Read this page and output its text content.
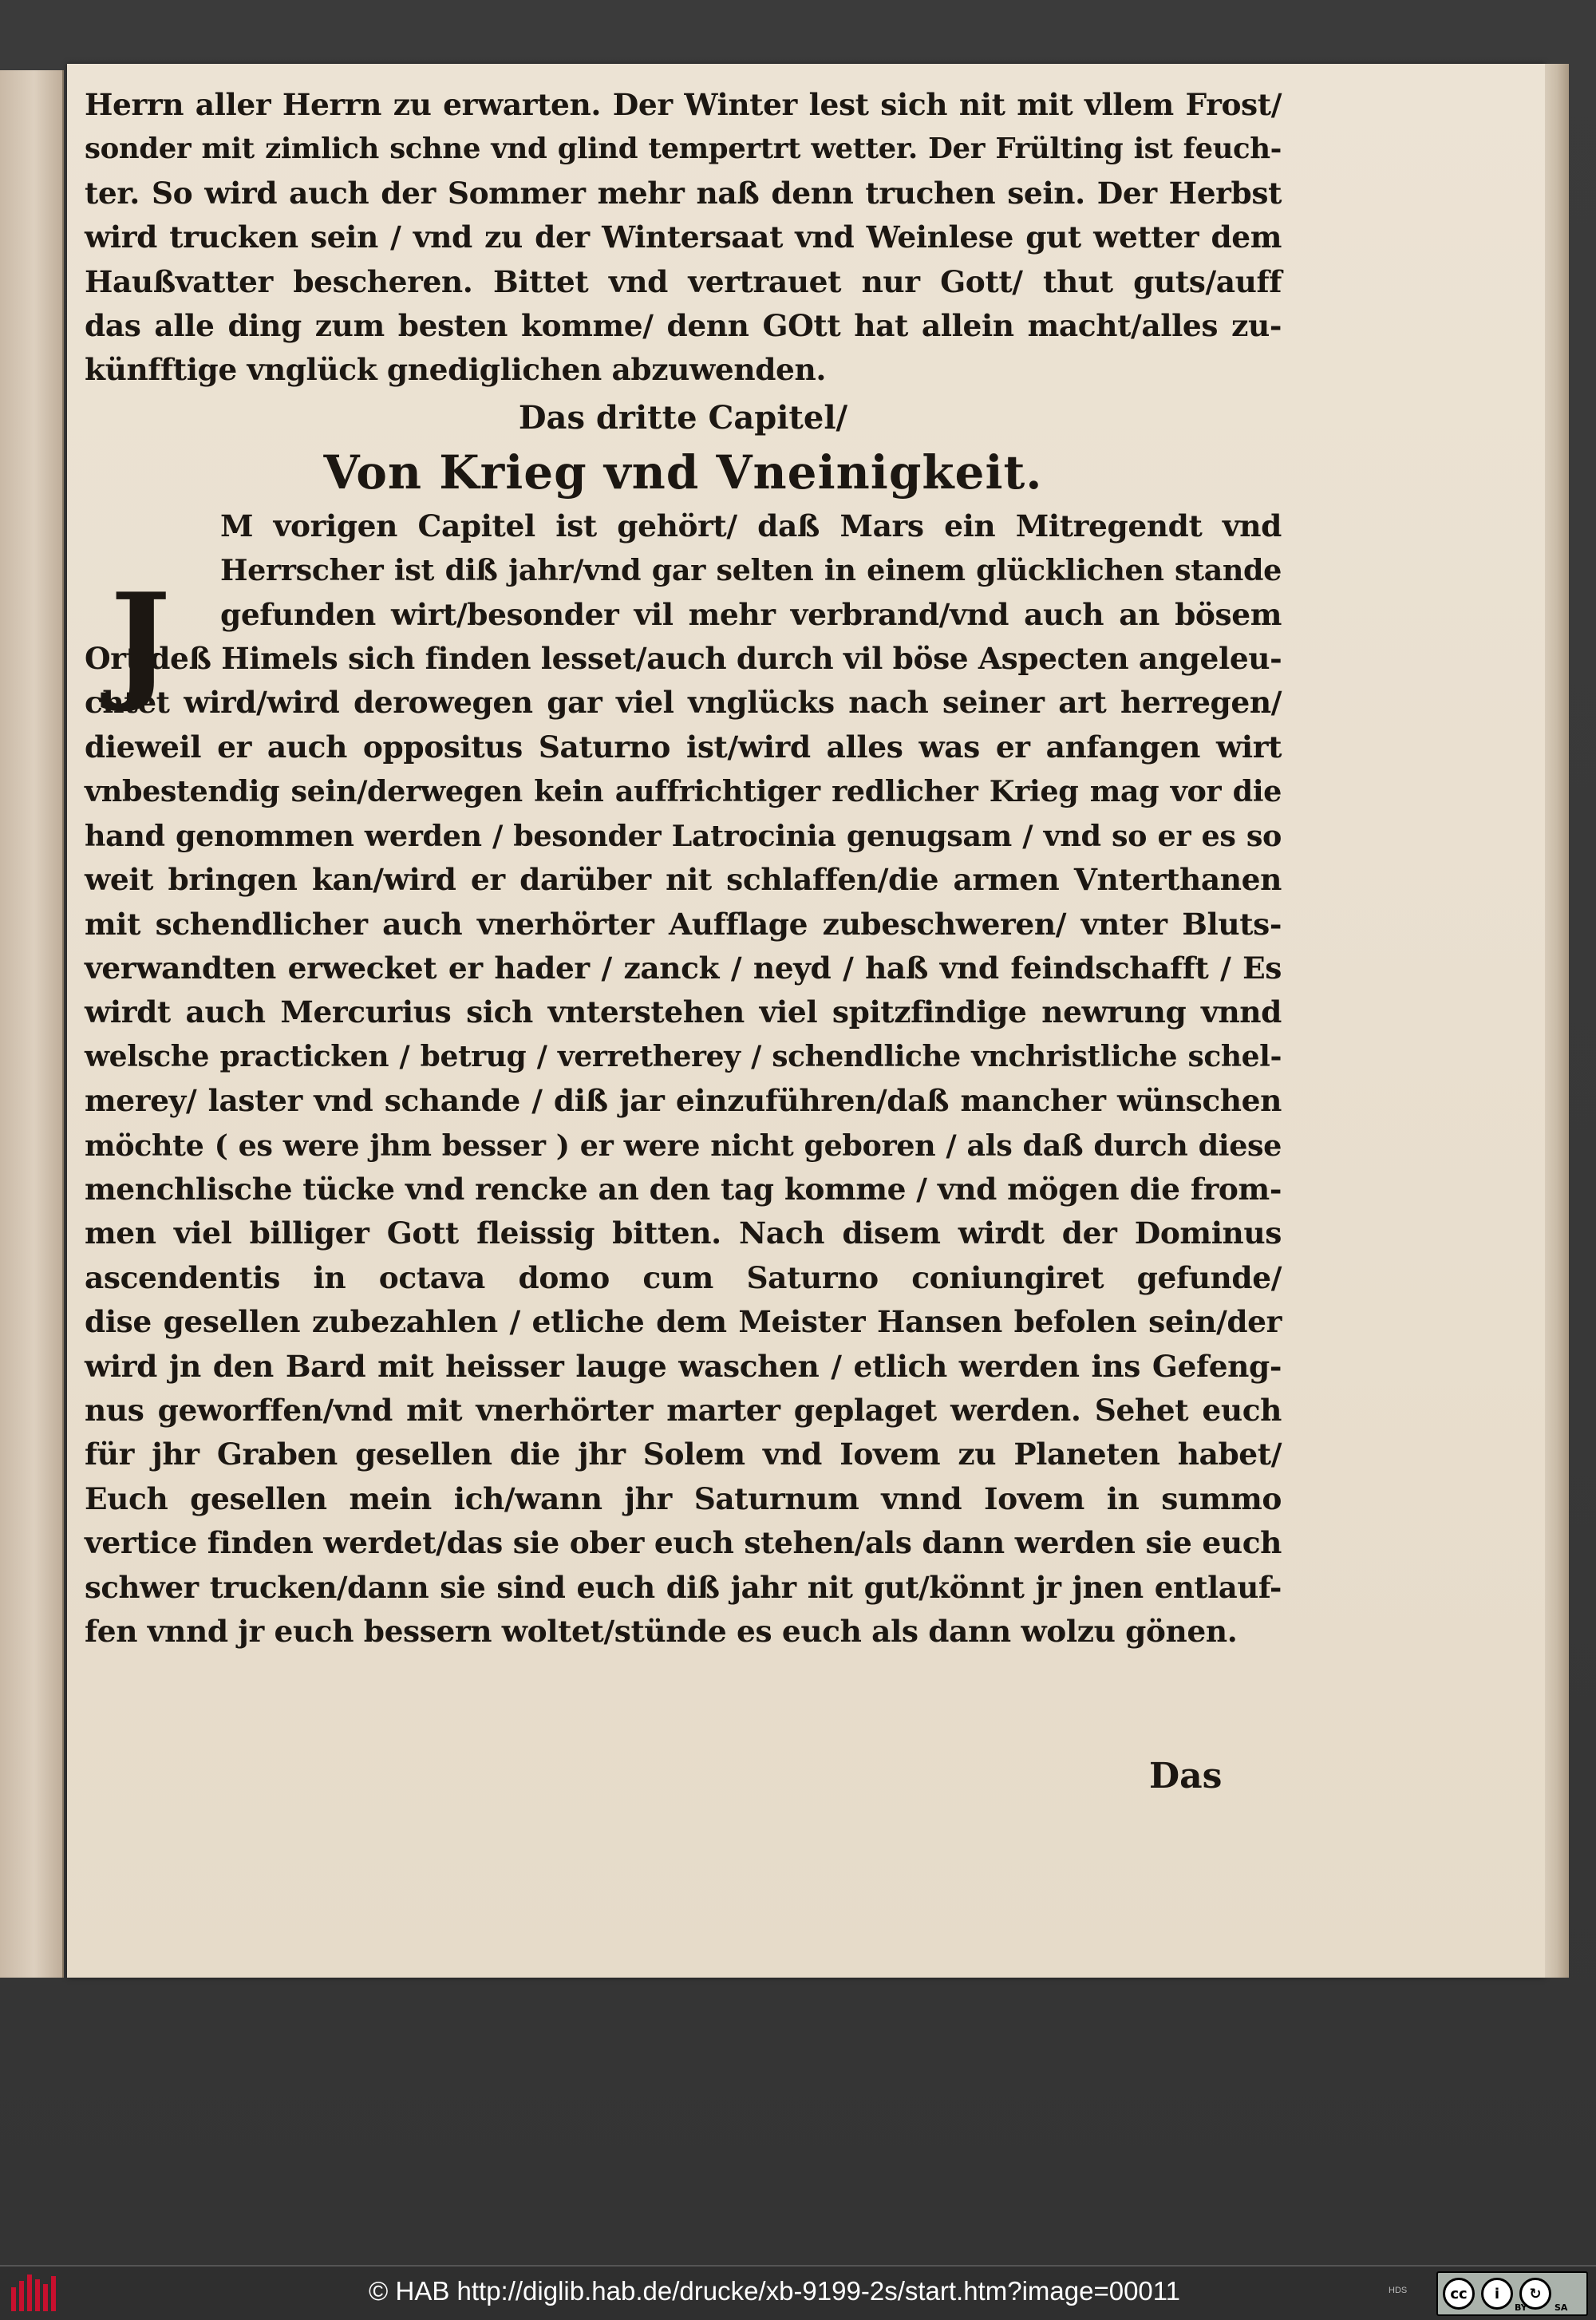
Herrn aller Herrn zu erwarten. Der Winter lest sich nit mit vllem Frost/
sonder mit zimlich schne vnd glind tempertrt wetter. Der Frülting ist feuch-
ter. So wird auch der Sommer mehr naß denn truchen sein. Der Herbst
wird trucken sein / vnd zu der Wintersaat vnd Weinlese gut wetter dem
Haußvatter bescheren. Bittet vnd vertrauet nur Gott/ thut guts/auff
das alle ding zum besten komme/ denn GOtt hat allein macht/alles zu-
künfftige vnglück gnediglichen abzuwenden.
Das dritte Capitel/
Von Krieg vnd Vneinigkeit.
M vorigen Capitel ist gehört/ daß Mars ein Mitregendt vnd
Herrscher ist diß jahr/vnd gar selten in einem glücklichen stande
gefunden wirt/besonder vil mehr verbrand/vnd auch an bösem
Ort deß Himels sich finden lesset/auch durch vil böse Aspecten angeleu-
chtet wird/wird derowegen gar viel vnglücks nach seiner art herregen/
dieweil er auch oppositus Saturno ist/wird alles was er anfangen wirt
vnbestendig sein/derwegen kein auffrichtiger redlicher Krieg mag vor die
hand genommen werden / besonder Latrocinia genugsam / vnd so er es so
weit bringen kan/wird er darüber nit schlaffen/die armen Vnterthanen
mit schendlicher auch vnerhörter Aufflage zubeschweren/ vnter Bluts-
verwandten erwecket er hader / zanck / neyd / haß vnd feindschafft / Es
wirdt auch Mercurius sich vnterstehen viel spitzfindige newrung vnnd
welsche practicken / betrug / verretherey / schendliche vnchristliche schel-
merey/ laster vnd schande / diß jar einzuführen/daß mancher wünschen
möchte ( es were jhm besser ) er were nicht geboren / als daß durch diese
menchlische tücke vnd rencke an den tag komme / vnd mögen die from-
men viel billiger Gott fleissig bitten. Nach disem wirdt der Dominus
ascendentis in octava domo cum Saturno coniungiret gefunde/
dise gesellen zubezahlen / etliche dem Meister Hansen befolen sein/der
wird jn den Bard mit heisser lauge waschen / etlich werden ins Gefeng-
nus geworffen/vnd mit vnerhörter marter geplaget werden. Sehet euch
für jhr Graben gesellen die jhr Solem vnd Iovem zu Planeten habet/
Euch gesellen mein ich/wann jhr Saturnum vnnd Iovem in summo
vertice finden werdet/das sie ober euch stehen/als dann werden sie euch
schwer trucken/dann sie sind euch diß jahr nit gut/könnt jr jnen entlauf-
fen vnnd jr euch bessern woltet/stünde es euch als dann wolzu gönen.
J
Das
© HAB http://diglib.hab.de/drucke/xb-9199-2s/start.htm?image=00011	HDS	cc	i	↻
BY	SA
